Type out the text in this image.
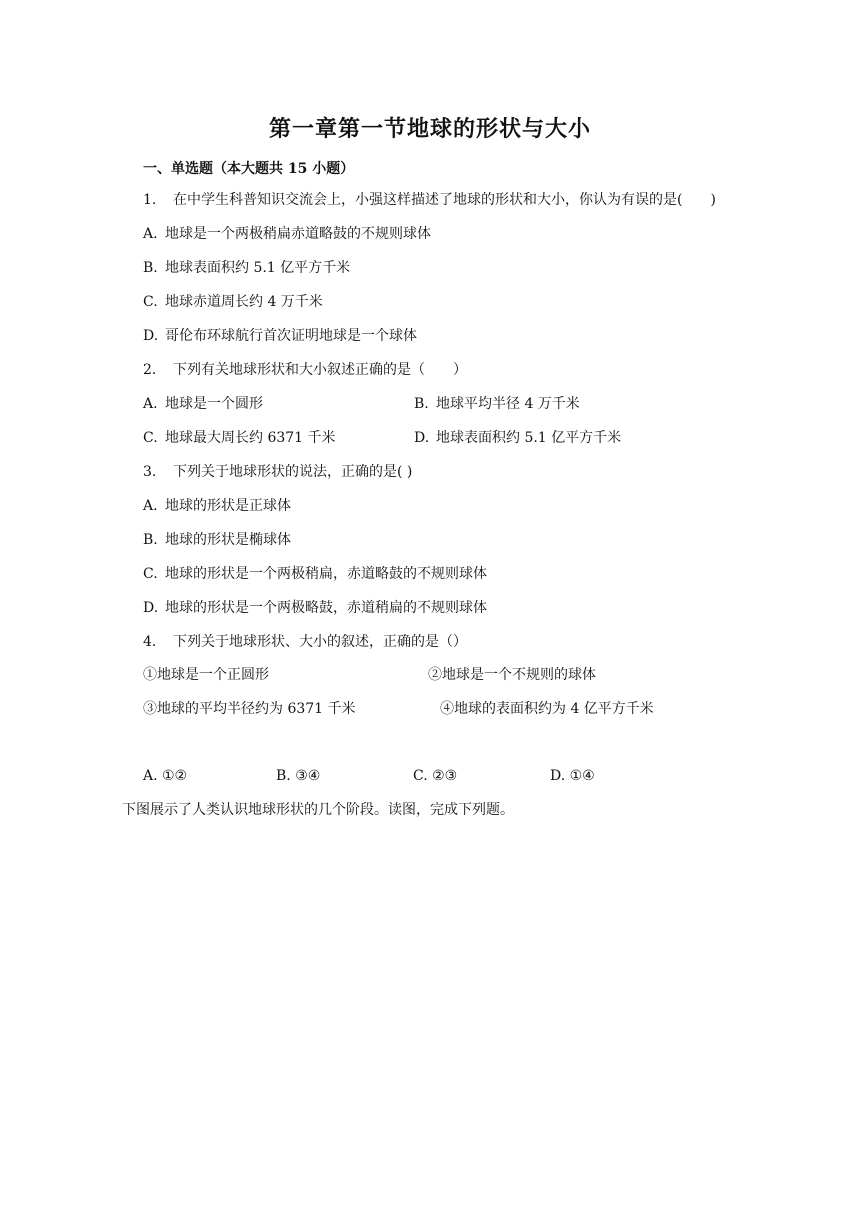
第一章第一节地球的形状与大小
一、单选题（本大题共 15 小题）
1. 在中学生科普知识交流会上，小强这样描述了地球的形状和大小，你认为有误的是(　　)
A. 地球是一个两极稍扁赤道略鼓的不规则球体
B. 地球表面积约 5.1 亿平方千米
C. 地球赤道周长约 4 万千米
D. 哥伦布环球航行首次证明地球是一个球体
2. 下列有关地球形状和大小叙述正确的是（　　）
A. 地球是一个圆形	B. 地球平均半径 4 万千米
C. 地球最大周长约 6371 千米	D. 地球表面积约 5.1 亿平方千米
3. 下列关于地球形状的说法，正确的是( )
A. 地球的形状是正球体
B. 地球的形状是椭球体
C. 地球的形状是一个两极稍扁，赤道略鼓的不规则球体
D. 地球的形状是一个两极略鼓，赤道稍扁的不规则球体
4. 下列关于地球形状、大小的叙述，正确的是（）
①地球是一个正圆形	②地球是一个不规则的球体
③地球的平均半径约为 6371 千米	④地球的表面积约为 4 亿平方千米
A. ①②	B. ③④	C. ②③	D. ①④
下图展示了人类认识地球形状的几个阶段。读图，完成下列题。
